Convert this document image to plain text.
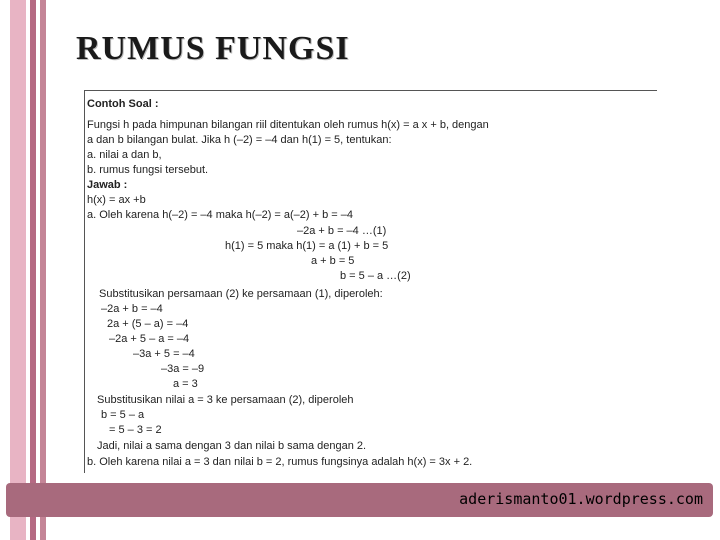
RUMUS FUNGSI
Contoh Soal :
Fungsi h pada himpunan bilangan riil ditentukan oleh rumus h(x) = a x + b, dengan
a dan b bilangan bulat. Jika h (–2) = –4 dan h(1) = 5, tentukan:
a. nilai a dan b,
b. rumus fungsi tersebut.
Jawab :
h(x) = ax +b
a. Oleh karena h(–2) = –4 maka h(–2) = a(–2) + b = –4
–2a + b = –4 …(1)
h(1) = 5 maka h(1) = a (1) + b = 5
a + b = 5
b = 5 – a …(2)
Substitusikan persamaan (2) ke persamaan (1), diperoleh:
–2a + b = –4
2a + (5 – a) = –4
–2a + 5 – a = –4
–3a + 5 = –4
–3a = –9
a = 3
Substitusikan nilai a = 3 ke persamaan (2), diperoleh
b = 5 – a
= 5 – 3 = 2
Jadi, nilai a sama dengan 3 dan nilai b sama dengan 2.
b. Oleh karena nilai a = 3 dan nilai b = 2, rumus fungsinya adalah h(x) = 3x + 2.
aderismanto01.wordpress.com
